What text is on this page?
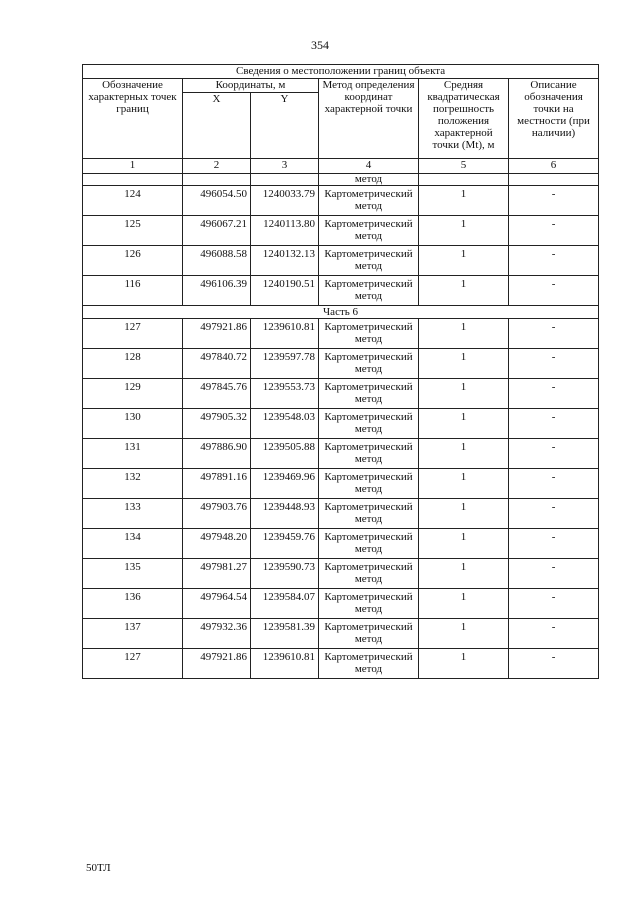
354
Сведения о местоположении границ объекта					
Обозначение характерных точек границ	Координаты, м		Метод определения координат характерной точки	Средняя квадратическая погрешность положения характерной точки (Mt), м	Описание обозначения точки на местности (при наличии)
	X	Y			
1	2	3	4	5	6
			метод		
124	496054.50	1240033.79	Картометрический метод	1	-
125	496067.21	1240113.80	Картометрический метод	1	-
126	496088.58	1240132.13	Картометрический метод	1	-
116	496106.39	1240190.51	Картометрический метод	1	-
Часть 6					
127	497921.86	1239610.81	Картометрический метод	1	-
128	497840.72	1239597.78	Картометрический метод	1	-
129	497845.76	1239553.73	Картометрический метод	1	-
130	497905.32	1239548.03	Картометрический метод	1	-
131	497886.90	1239505.88	Картометрический метод	1	-
132	497891.16	1239469.96	Картометрический метод	1	-
133	497903.76	1239448.93	Картометрический метод	1	-
134	497948.20	1239459.76	Картометрический метод	1	-
135	497981.27	1239590.73	Картометрический метод	1	-
136	497964.54	1239584.07	Картометрический метод	1	-
137	497932.36	1239581.39	Картометрический метод	1	-
127	497921.86	1239610.81	Картометрический метод	1	-
50ТЛ
